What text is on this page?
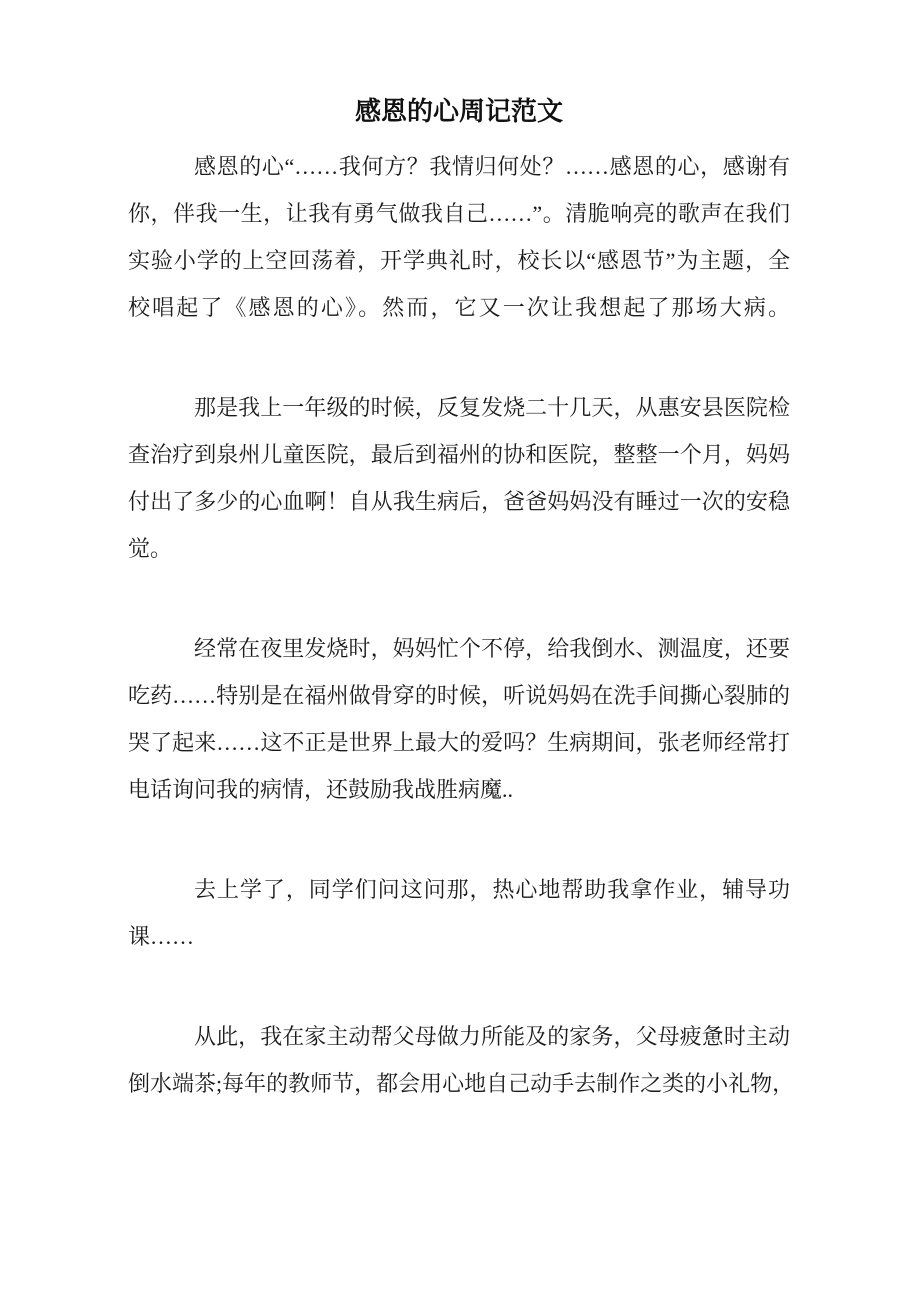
感恩的心周记范文
感恩的心“……我何方？我情归何处？……感恩的心，感谢有
你，伴我一生，让我有勇气做我自己……”。清脆响亮的歌声在我们
实验小学的上空回荡着，开学典礼时，校长以“感恩节”为主题，全
校唱起了《感恩的心》。然而，它又一次让我想起了那场大病。
那是我上一年级的时候，反复发烧二十几天，从惠安县医院检
查治疗到泉州儿童医院，最后到福州的协和医院，整整一个月，妈妈
付出了多少的心血啊！自从我生病后，爸爸妈妈没有睡过一次的安稳
觉。
经常在夜里发烧时，妈妈忙个不停，给我倒水、测温度，还要
吃药……特别是在福州做骨穿的时候，听说妈妈在洗手间撕心裂肺的
哭了起来……这不正是世界上最大的爱吗？生病期间，张老师经常打
电话询问我的病情，还鼓励我战胜病魔..
去上学了，同学们问这问那，热心地帮助我拿作业，辅导功
课……
从此，我在家主动帮父母做力所能及的家务，父母疲惫时主动
倒水端茶;每年的教师节，都会用心地自己动手去制作之类的小礼物，
